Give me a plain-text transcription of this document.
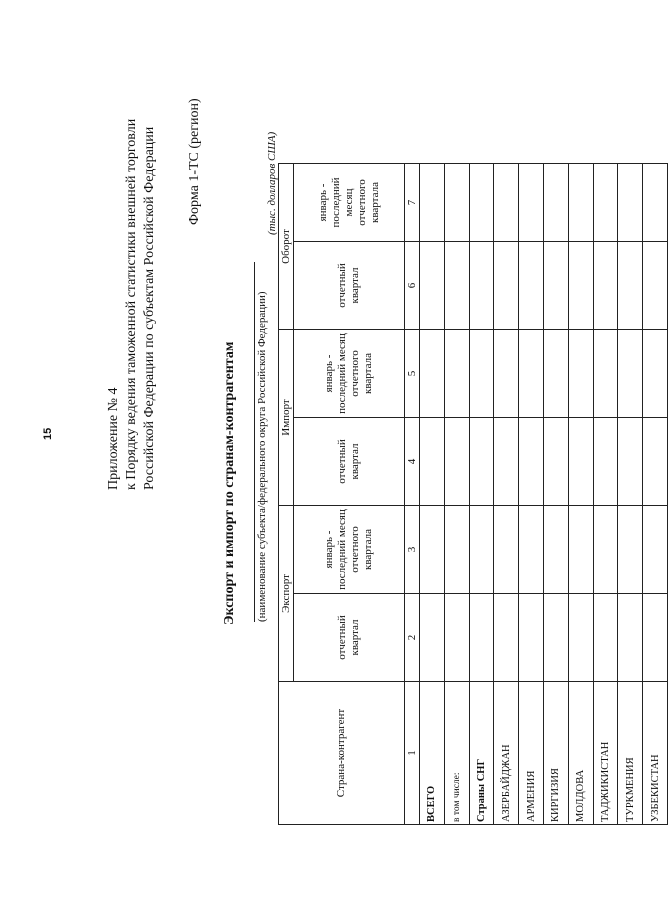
15	Приложение № 4 к Порядку ведения таможенной статистики внешней торговли Российской Федерации по субъектам Российской Федерации Форма 1-ТС (регион)
Экспорт и импорт по странам-контрагентам (наименование субъекта/федерального округа Российской Федерации)
(тыс. долларов США)
Страна-контрагент	Экспорт		Импорт		Оборот	
	отчетный квартал	январь - последний месяц отчетного квартала	отчетный квартал	январь - последний месяц отчетного квартала	отчетный квартал	январь - последний месяц отчетного квартала
1	2	3	4	5	6	7
ВСЕГО						
в том числе:						
Страны СНГ						
АЗЕРБАЙДЖАН						
АРМЕНИЯ						
КИРГИЗИЯ						
МОЛДОВА						
ТАДЖИКИСТАН						
ТУРКМЕНИЯ						
УЗБЕКИСТАН						
